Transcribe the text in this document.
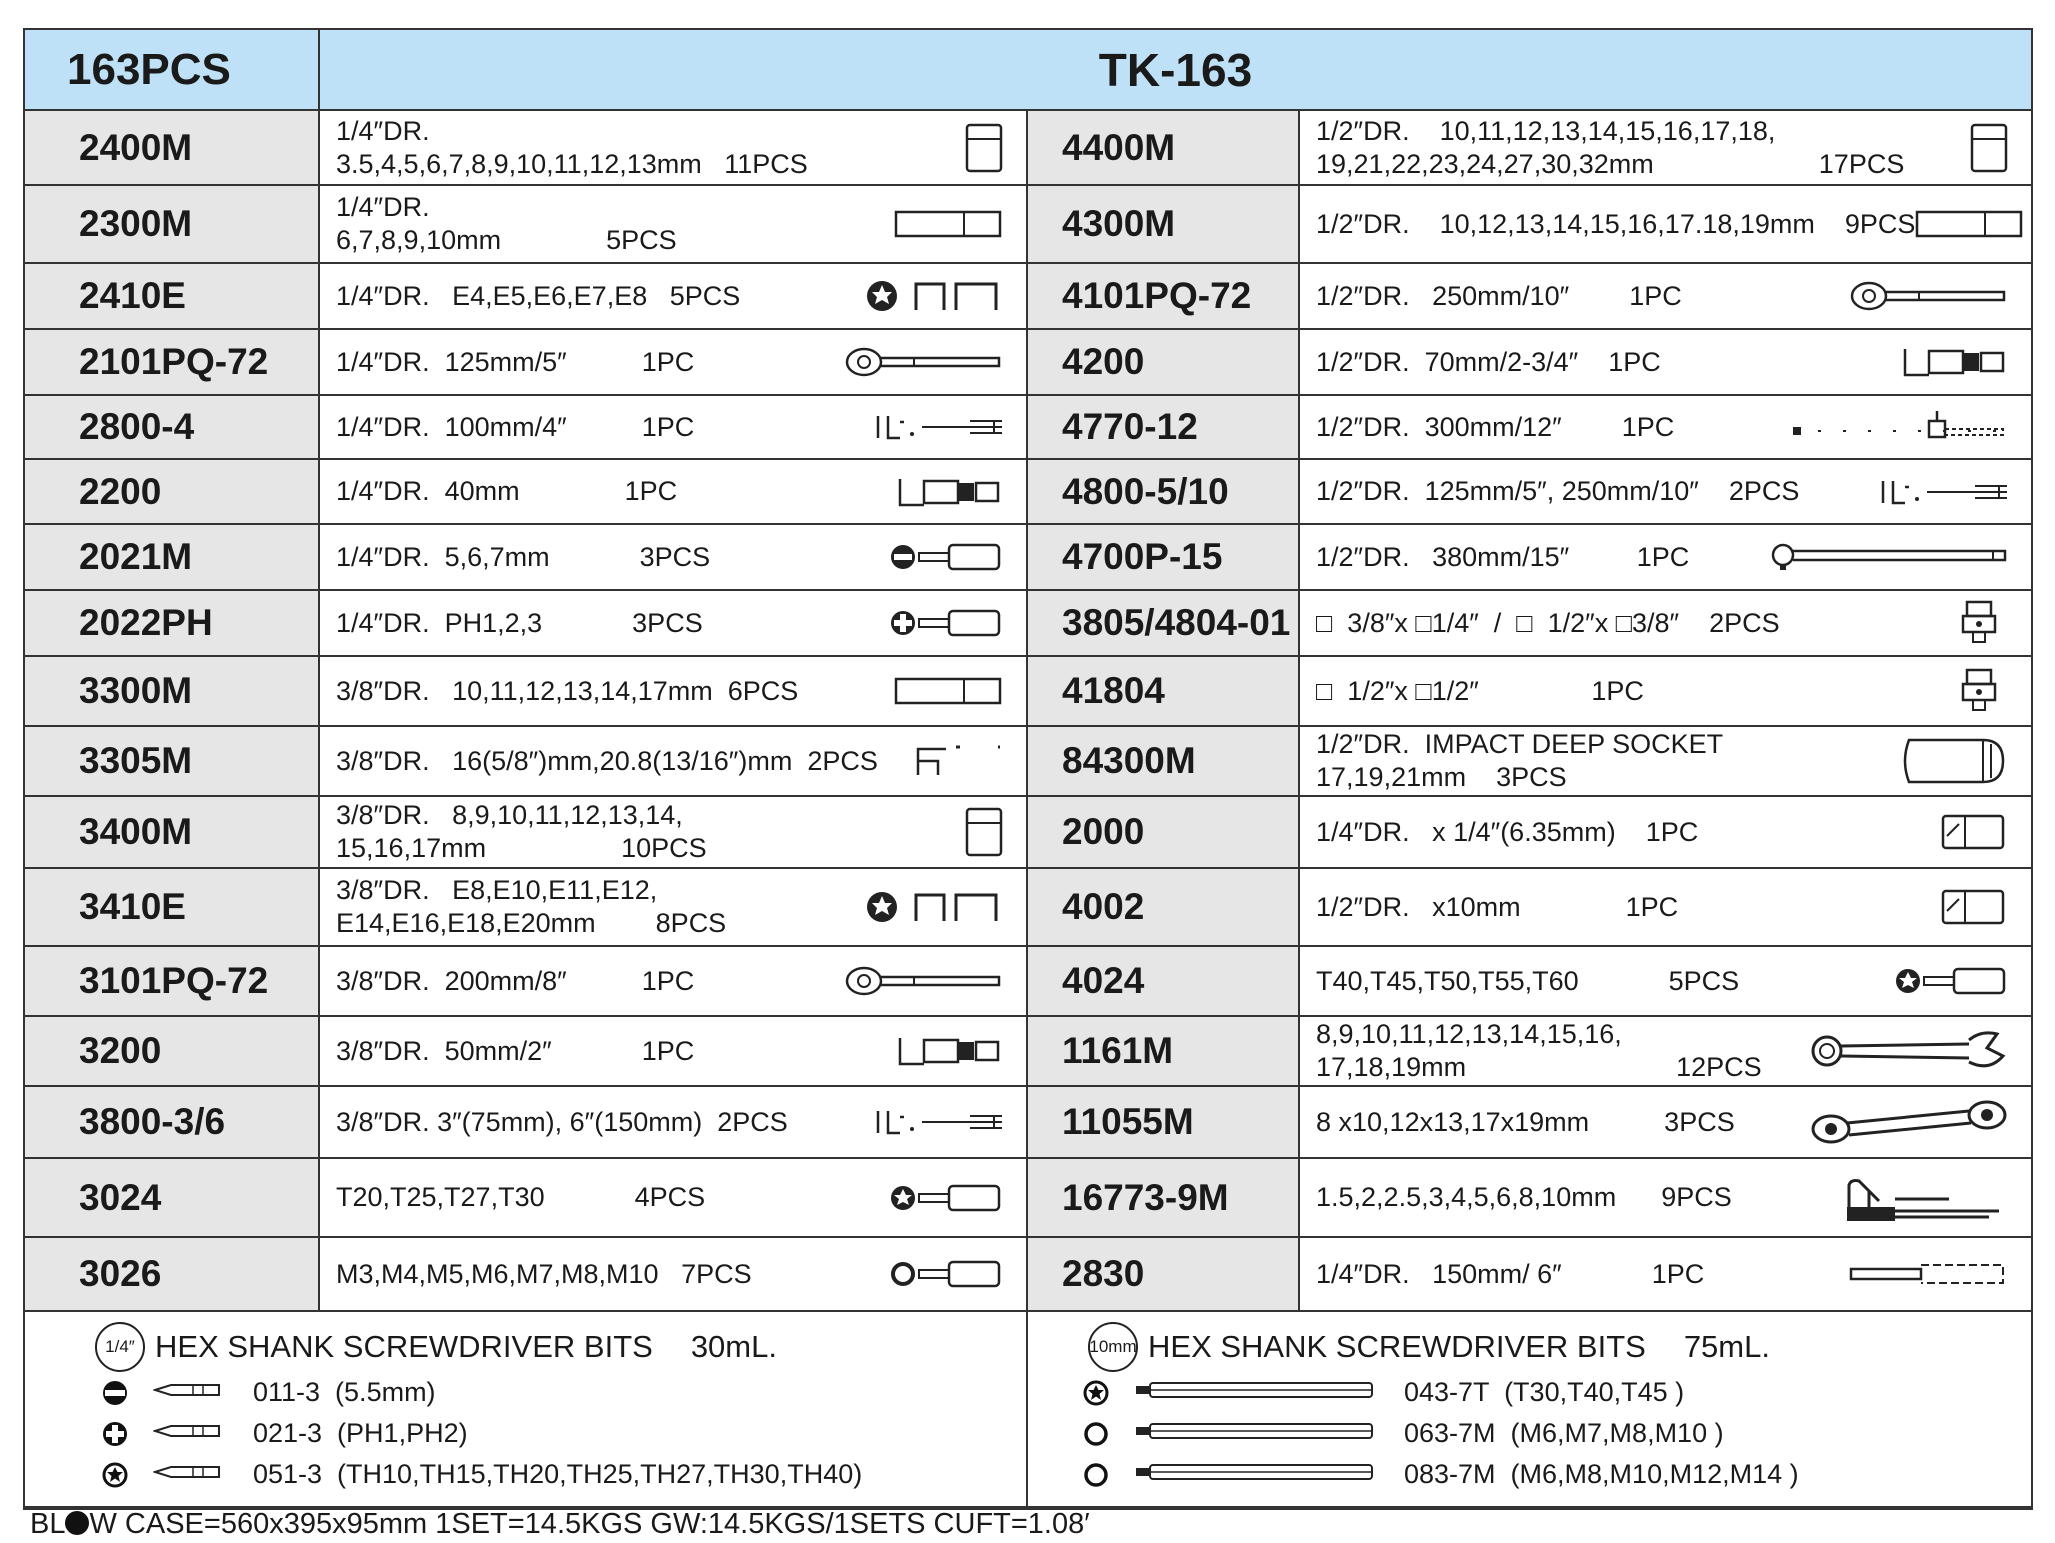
163PCS	TK-163
2400M	1/4″DR.
3.5,4,5,6,7,8,9,10,11,12,13mm   11PCS
2300M	1/4″DR.
6,7,8,9,10mm              5PCS
2410E	1/4″DR.   E4,E5,E6,E7,E8   5PCS
2101PQ-72	1/4″DR.  125mm/5″          1PC
2800-4	1/4″DR.  100mm/4″          1PC
2200	1/4″DR.  40mm              1PC
2021M	1/4″DR.  5,6,7mm            3PCS
2022PH	1/4″DR.  PH1,2,3            3PCS
3300M	3/8″DR.   10,11,12,13,14,17mm  6PCS
3305M	3/8″DR.   16(5/8″)mm,20.8(13/16″)mm  2PCS
3400M	3/8″DR.   8,9,10,11,12,13,14,
15,16,17mm                  10PCS
3410E	3/8″DR.   E8,E10,E11,E12,
E14,E16,E18,E20mm        8PCS
3101PQ-72	3/8″DR.  200mm/8″          1PC
3200	3/8″DR.  50mm/2″            1PC
3800-3/6	3/8″DR. 3″(75mm), 6″(150mm)  2PCS
3024	T20,T25,T27,T30            4PCS
3026	M3,M4,M5,M6,M7,M8,M10   7PCS
4400M	1/2″DR.    10,11,12,13,14,15,16,17,18,
19,21,22,23,24,27,30,32mm                      17PCS
4300M	1/2″DR.    10,12,13,14,15,16,17.18,19mm    9PCS
4101PQ-72	1/2″DR.   250mm/10″        1PC
4200	1/2″DR.  70mm/2-3/4″    1PC
4770-12	1/2″DR.  300mm/12″        1PC
4800-5/10	1/2″DR.  125mm/5″, 250mm/10″    2PCS
4700P-15	1/2″DR.   380mm/15″         1PC
3805/4804-01 □  3/8″x □1/4″  /  □  1/2″x □3/8″    2PCS
41804	□  1/2″x □1/2″               1PC
84300M	1/2″DR.  IMPACT DEEP SOCKET
17,19,21mm    3PCS
2000	1/4″DR.   x 1/4″(6.35mm)    1PC
4002	1/2″DR.   x10mm              1PC
4024	T40,T45,T50,T55,T60            5PCS
1161M	8,9,10,11,12,13,14,15,16,
17,18,19mm                            12PCS
11055M	8 x10,12x13,17x19mm          3PCS
16773-9M	1.5,2,2.5,3,4,5,6,8,10mm      9PCS
2830	1/4″DR.   150mm/ 6″            1PC
1/4″ HEX SHANK SCREWDRIVER BITS 30mL.
011-3  (5.5mm)
021-3  (PH1,PH2)
051-3  (TH10,TH15,TH20,TH25,TH27,TH30,TH40)
10mm HEX SHANK SCREWDRIVER BITS 75mL.
043-7T  (T30,T40,T45 )
063-7M  (M6,M7,M8,M10 )
083-7M  (M6,M8,M10,M12,M14 )
BL W CASE=560x395x95mm 1SET=14.5KGS GW:14.5KGS/1SETS CUFT=1.08′
